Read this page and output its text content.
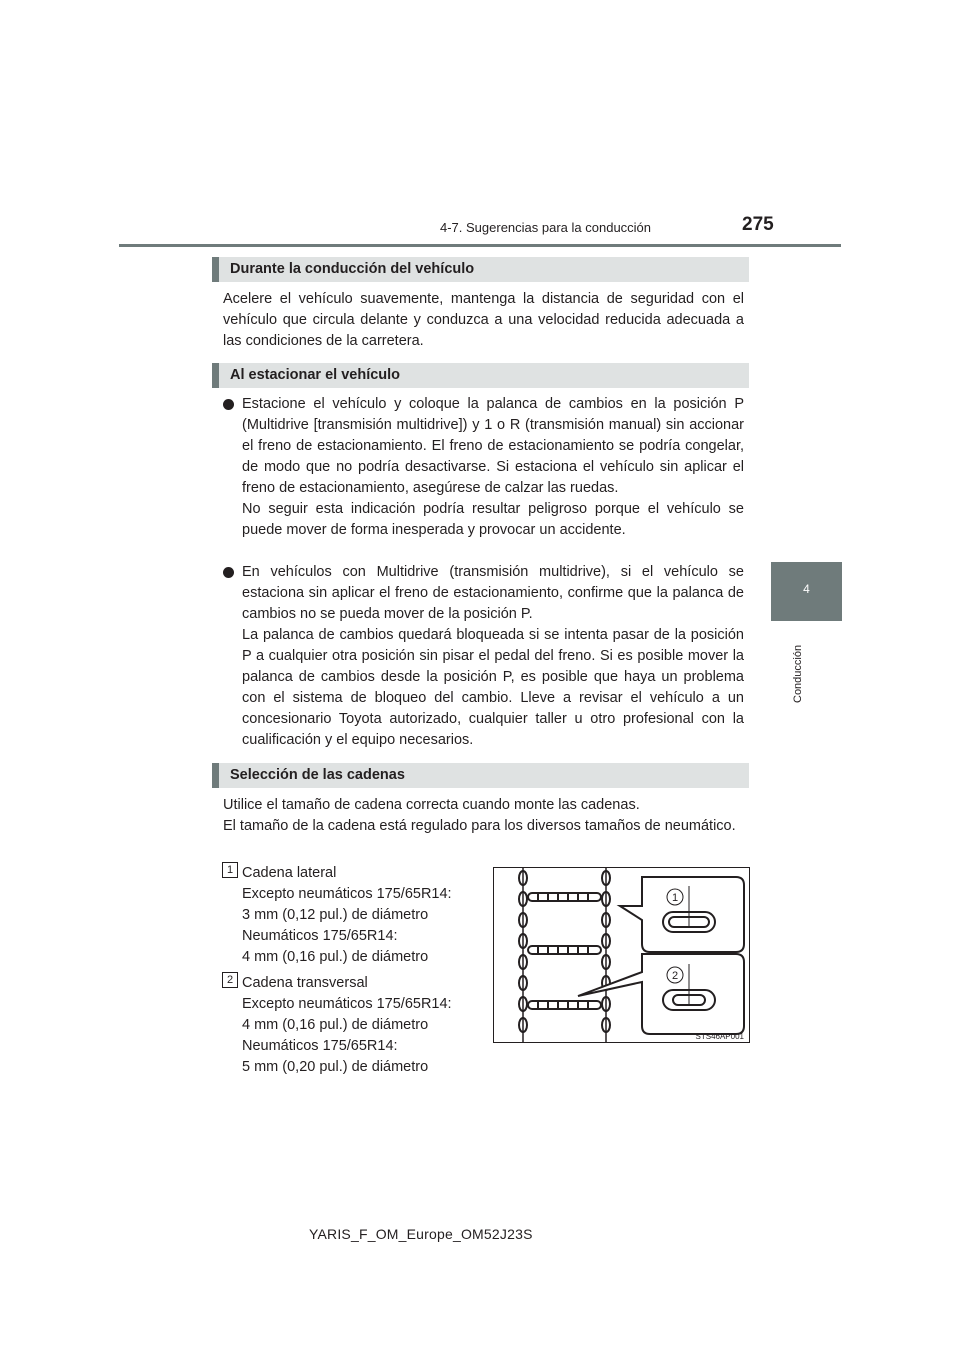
4-7. Sugerencias para la conducción	275
4
Conducción
Durante la conducción del vehículo

Acelere el vehículo suavemente, mantenga la distancia de seguridad con el vehículo que circula delante y conduzca a una velocidad reducida adecuada a las condiciones de la carretera.

Al estacionar el vehículo

Estacione el vehículo y coloque la palanca de cambios en la posición P (Multidrive [transmisión multidrive]) y 1 o R (transmisión manual) sin accionar el freno de estacionamiento. El freno de estacionamiento se podría congelar, de modo que no podría desactivarse. Si estaciona el vehículo sin aplicar el freno de estacionamiento, asegúrese de calzar las ruedas.

No seguir esta indicación podría resultar peligroso porque el vehículo se puede mover de forma inesperada y provocar un accidente.

En vehículos con Multidrive (transmisión multidrive), si el vehículo se estaciona sin aplicar el freno de estacionamiento, confirme que la palanca de cambios no se pueda mover de la posición P.

La palanca de cambios quedará bloqueada si se intenta pasar de la posición P a cualquier otra posición sin pisar el pedal del freno. Si es posible mover la palanca de cambios desde la posición P, es posible que haya un problema con el sistema de bloqueo del cambio. Lleve a revisar el vehículo a un concesionario Toyota autorizado, cualquier taller u otro profesional con la cualificación y el equipo necesarios.

Selección de las cadenas

Utilice el tamaño de cadena correcta cuando monte las cadenas.

El tamaño de la cadena está regulado para los diversos tamaños de neumático.

1 Cadena lateral

Excepto neumáticos 175/65R14:

3 mm (0,12 pul.) de diámetro

Neumáticos 175/65R14:

4 mm (0,16 pul.) de diámetro

2 Cadena transversal

Excepto neumáticos 175/65R14:

4 mm (0,16 pul.) de diámetro

Neumáticos 175/65R14:

5 mm (0,20 pul.) de diámetro

1
2
STS46AP001
YARIS_F_OM_Europe_OM52J23S
